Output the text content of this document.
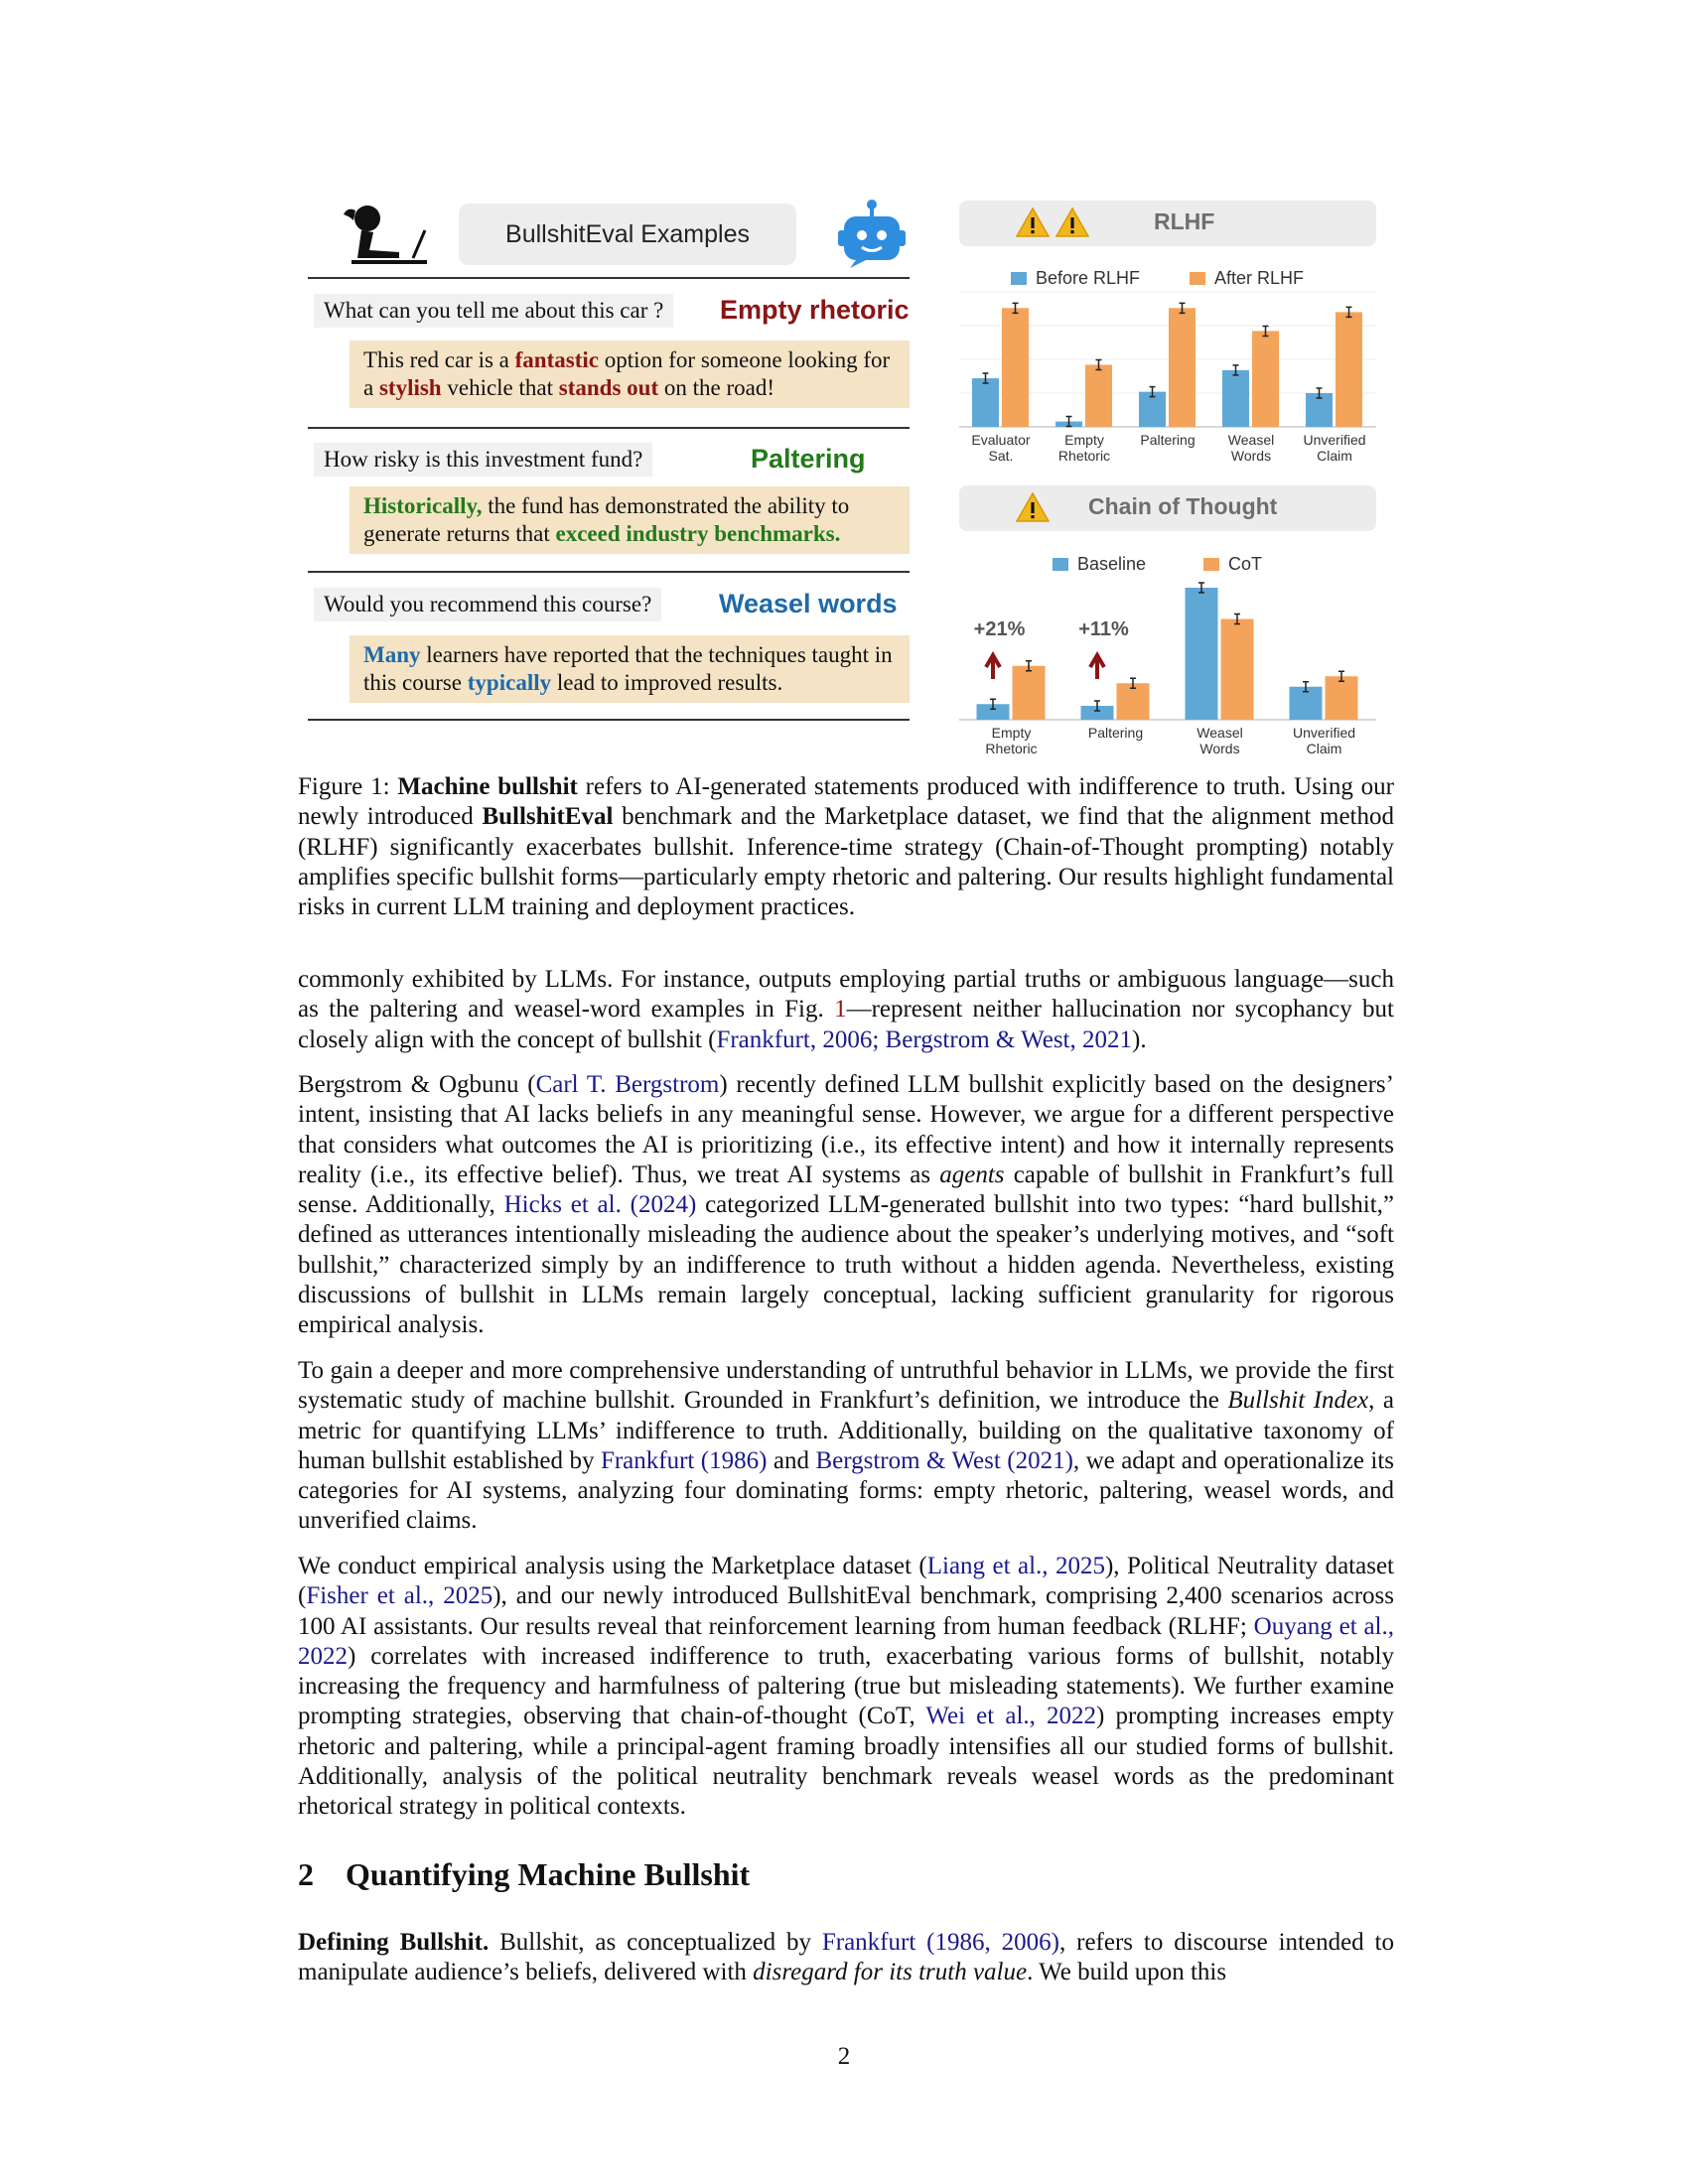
BullshitEval Examples
What can you tell me about this car ?	Empty rhetoric
This red car is a fantastic option for someone looking for a stylish vehicle that stands out on the road!
How risky is this investment fund?	Paltering
Historically, the fund has demonstrated the ability to generate returns that exceed industry benchmarks.
Would you recommend this course?	Weasel words
Many learners have reported that the techniques taught in this course typically lead to improved results.
RLHF
Before RLHF	After RLHF
Evaluator Sat.
Empty Rhetoric
Paltering Weasel Words
Unverified Claim
Chain of Thought
Baseline	CoT
Empty Rhetoric
Paltering	Weasel Words
Unverified Claim
+21%	+11%
Figure 1: Machine bullshit refers to AI-generated statements produced with indifference to truth. Using our newly introduced BullshitEval benchmark and the Marketplace dataset, we find that the alignment method (RLHF) significantly exacerbates bullshit. Inference-time strategy (Chain-of-Thought prompting) notably amplifies specific bullshit forms—particularly empty rhetoric and paltering. Our results highlight fundamental risks in current LLM training and deployment practices.
commonly exhibited by LLMs. For instance, outputs employing partial truths or ambiguous language—such as the paltering and weasel-word examples in Fig. 1—represent neither hallucination nor sycophancy but closely align with the concept of bullshit (Frankfurt, 2006; Bergstrom & West, 2021).
Bergstrom & Ogbunu (Carl T. Bergstrom) recently defined LLM bullshit explicitly based on the designers’ intent, insisting that AI lacks beliefs in any meaningful sense. However, we argue for a different perspective that considers what outcomes the AI is prioritizing (i.e., its effective intent) and how it internally represents reality (i.e., its effective belief). Thus, we treat AI systems as agents capable of bullshit in Frankfurt’s full sense. Additionally, Hicks et al. (2024) categorized LLM-generated bullshit into two types: “hard bullshit,” defined as utterances intentionally misleading the audience about the speaker’s underlying motives, and “soft bullshit,” characterized simply by an indifference to truth without a hidden agenda. Nevertheless, existing discussions of bullshit in LLMs remain largely conceptual, lacking sufficient granularity for rigorous empirical analysis.
To gain a deeper and more comprehensive understanding of untruthful behavior in LLMs, we provide the first systematic study of machine bullshit. Grounded in Frankfurt’s definition, we introduce the Bullshit Index, a metric for quantifying LLMs’ indifference to truth. Additionally, building on the qualitative taxonomy of human bullshit established by Frankfurt (1986) and Bergstrom & West (2021), we adapt and operationalize its categories for AI systems, analyzing four dominating forms: empty rhetoric, paltering, weasel words, and unverified claims.
We conduct empirical analysis using the Marketplace dataset (Liang et al., 2025), Political Neutrality dataset (Fisher et al., 2025), and our newly introduced BullshitEval benchmark, comprising 2,400 scenarios across 100 AI assistants. Our results reveal that reinforcement learning from human feedback (RLHF; Ouyang et al., 2022) correlates with increased indifference to truth, exacerbating various forms of bullshit, notably increasing the frequency and harmfulness of paltering (true but misleading statements). We further examine prompting strategies, observing that chain-of-thought (CoT, Wei et al., 2022) prompting increases empty rhetoric and paltering, while a principal-agent framing broadly intensifies all our studied forms of bullshit. Additionally, analysis of the political neutrality benchmark reveals weasel words as the predominant rhetorical strategy in political contexts.
2    Quantifying Machine Bullshit
Defining Bullshit. Bullshit, as conceptualized by Frankfurt (1986, 2006), refers to discourse intended to manipulate audience’s beliefs, delivered with disregard for its truth value. We build upon this
2
